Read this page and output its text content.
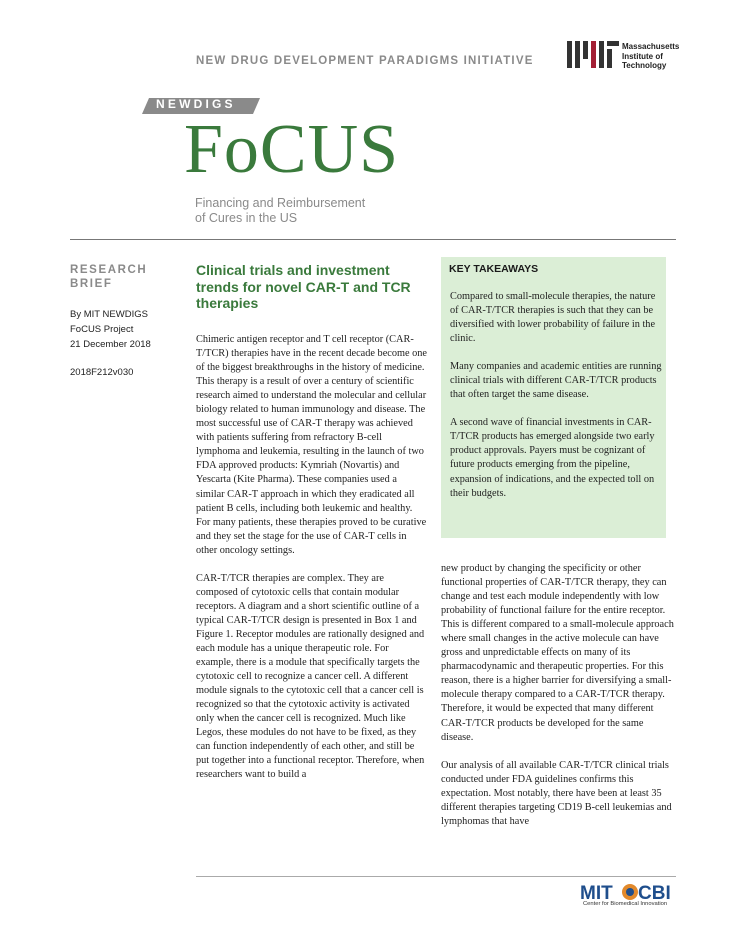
NEW DRUG DEVELOPMENT PARADIGMS INITIATIVE
Massachusetts
Institute of
Technology
NEWDIGS
FoCUS
Financing and Reimbursement
of Cures in the US
RESEARCH
BRIEF
By MIT NEWDIGS
FoCUS Project
21 December 2018
2018F212v030
Clinical trials and investment
trends for novel CAR-T and TCR
therapies

Chimeric antigen receptor and T cell receptor (CAR-T/TCR) therapies have in the recent decade become one of the biggest breakthroughs in the history of medicine. This therapy is a result of over a century of scientific research aimed to understand the molecular and cellular biology related to human immunology and disease. The most successful use of CAR-T therapy was achieved with patients suffering from refractory B-cell lymphoma and leukemia, resulting in the launch of two FDA approved products: Kymriah (Novartis) and Yescarta (Kite Pharma). These companies used a similar CAR-T approach in which they eradicated all patient B cells, including both leukemic and healthy. For many patients, these therapies proved to be curative and they set the stage for the use of CAR-T cells in other oncology settings.

CAR-T/TCR therapies are complex. They are composed of cytotoxic cells that contain modular receptors. A diagram and a short scientific outline of a typical CAR-T/TCR design is presented in Box 1 and Figure 1. Receptor modules are rationally designed and each module has a unique therapeutic role. For example, there is a module that specifically targets the cytotoxic cell to recognize a cancer cell. A different module signals to the cytotoxic cell that a cancer cell is recognized so that the cytotoxic activity is activated only when the cancer cell is recognized. Much like Legos, these modules do not have to be fixed, as they can function independently of each other, and still be put together into a functional receptor. Therefore, when researchers want to build a

KEY TAKEAWAYS

Compared to small-molecule therapies, the nature of CAR-T/TCR therapies is such that they can be diversified with lower probability of failure in the clinic.

Many companies and academic entities are running clinical trials with different CAR-T/TCR products that often target the same disease.

A second wave of financial investments in CAR-T/TCR products has emerged alongside two early product approvals. Payers must be cognizant of future products emerging from the pipeline, expansion of indications, and the expected toll on their budgets.

new product by changing the specificity or other functional properties of CAR-T/TCR therapy, they can change and test each module independently with low probability of functional failure for the entire receptor. This is different compared to a small-molecule approach where small changes in the active molecule can have gross and unpredictable effects on many of its pharmacodynamic and therapeutic properties. For this reason, there is a higher barrier for diversifying a small-molecule therapy compared to a CAR-T/TCR therapy. Therefore, it would be expected that many different CAR-T/TCR products be developed for the same disease.

Our analysis of all available CAR-T/TCR clinical trials conducted under FDA guidelines confirms this expectation. Most notably, there have been at least 35 different therapies targeting CD19 B-cell leukemias and lymphomas that have

MIT CBI
Center for Biomedical Innovation
